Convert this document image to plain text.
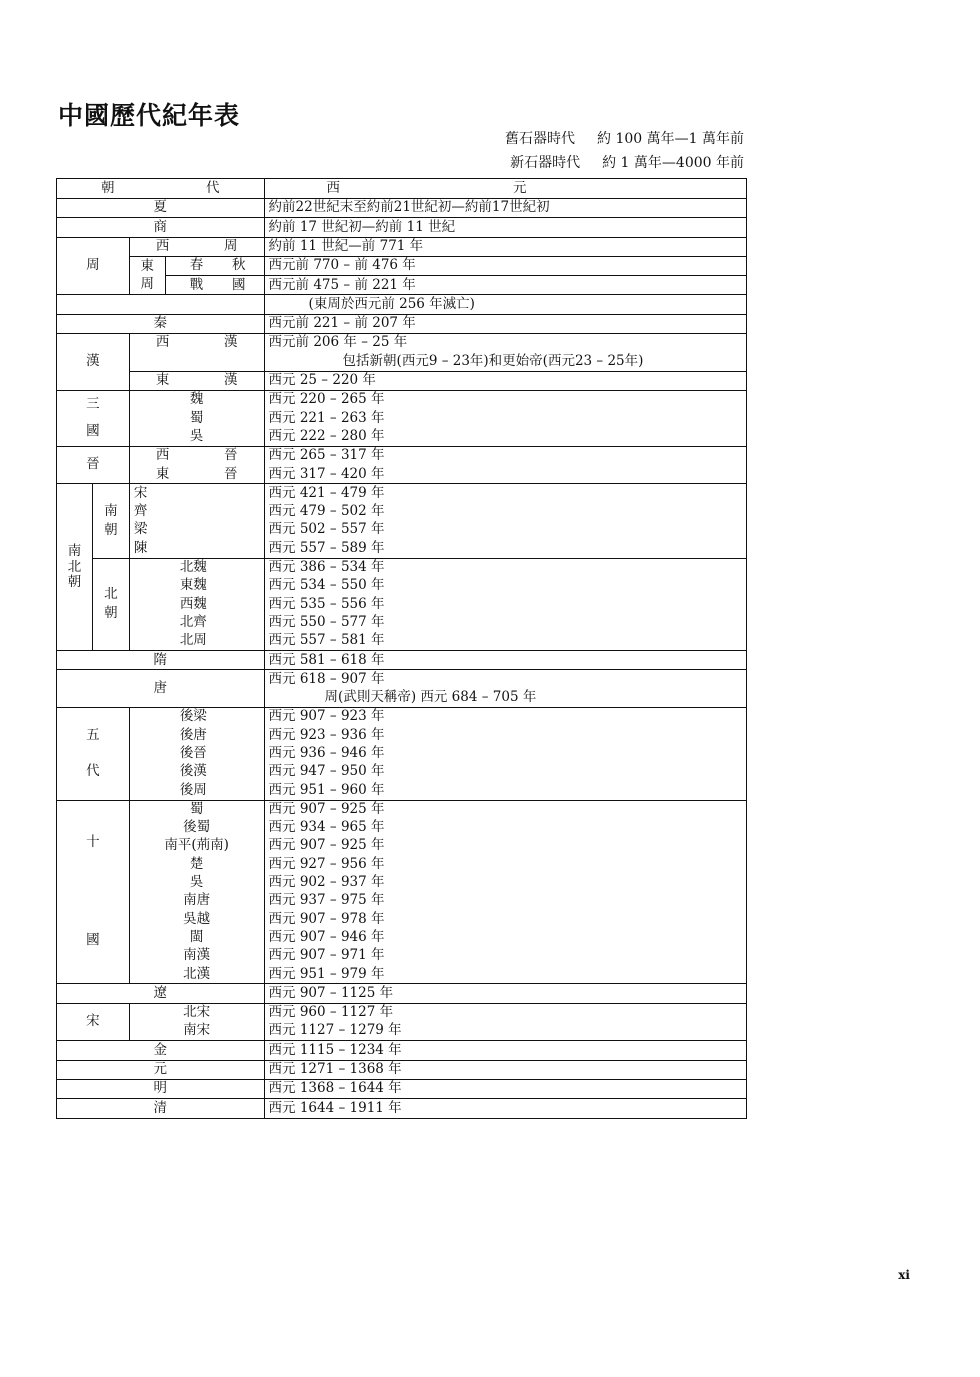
中國歷代紀年表
舊石器時代 約 100 萬年—1 萬年前
新石器時代 約 1 萬年—4000 年前
朝 代				西 元

夏				約前22世紀末至約前21世紀初—約前17世紀初
商				約前 17 世紀初—約前 11 世紀
周		西 周		約前 11 世紀—前 771 年
		東	春 秋	西元前 770 – 前 476 年
		周	戰 國	西元前 475 – 前 221 年
				(東周於西元前 256 年滅亡)
秦				西元前 221 – 前 207 年
漢		西 漢		西元前 206 年 – 25 年
				包括新朝(西元9 – 23年)和更始帝(西元23 – 25年)

		東 漢		西元 25 – 220 年

三
國		魏		西元 220 – 265 年
		蜀		西元 221 – 263 年
		吳		西元 222 – 280 年
晉		西 晉		西元 265 – 317 年

		東 晉		西元 317 – 420 年

南
北
朝	南
朝	宋		西元 421 – 479 年
		齊		西元 479 – 502 年
		梁		西元 502 – 557 年
		陳		西元 557 – 589 年

	北
朝	北魏		西元 386 – 534 年
		東魏		西元 534 – 550 年
		西魏		西元 535 – 556 年
		北齊		西元 550 – 577 年
		北周		西元 557 – 581 年
隋				西元 581 – 618 年
唐				西元 618 – 907 年
				周(武則天稱帝) 西元 684 – 705 年

五
代		後梁		西元 907 – 923 年
		後唐		西元 923 – 936 年
		後晉		西元 936 – 946 年
		後漢		西元 947 – 950 年
		後周		西元 951 – 960 年

十
國		蜀		西元 907 – 925 年
		後蜀		西元 934 – 965 年
		南平(荊南)		西元 907 – 925 年
		楚		西元 927 – 956 年
		吳		西元 902 – 937 年
		南唐		西元 937 – 975 年
		吳越		西元 907 – 978 年
		閩		西元 907 – 946 年
		南漢		西元 907 – 971 年
		北漢		西元 951 – 979 年
遼				西元 907 – 1125 年
宋		北宋		西元 960 – 1127 年
		南宋		西元 1127 – 1279 年
金				西元 1115 – 1234 年
元				西元 1271 – 1368 年
明				西元 1368 – 1644 年
清				西元 1644 – 1911 年
xi
